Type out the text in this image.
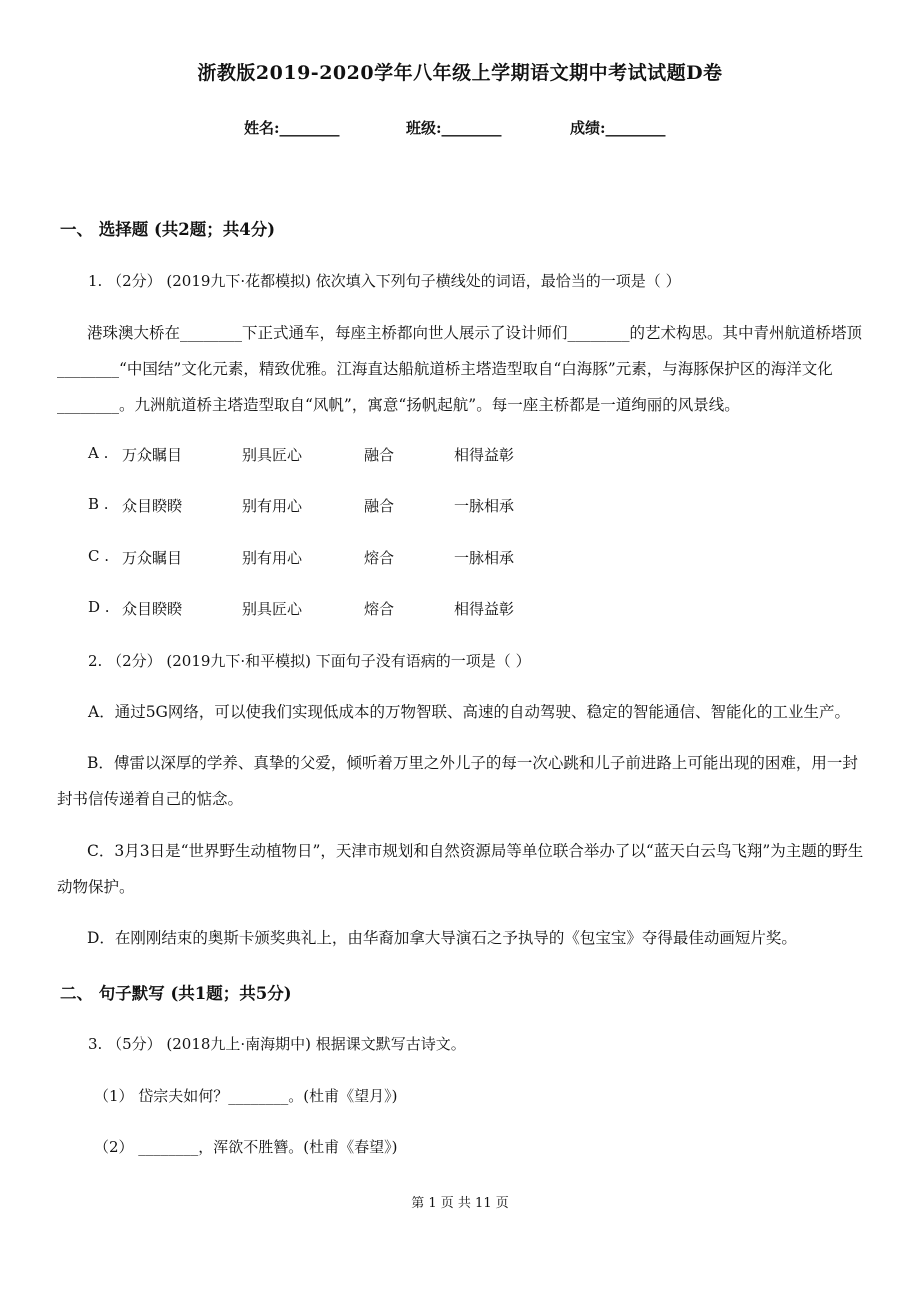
浙教版2019-2020学年八年级上学期语文期中考试试题D卷
姓名:________	班级:________	成绩:________
一、 选择题 (共2题；共4分)
1. （2分） (2019九下·花都模拟) 依次填入下列句子横线处的词语，最恰当的一项是（ ）
港珠澳大桥在________下正式通车，每座主桥都向世人展示了设计师们________的艺术构思。其中青州航道桥塔顶________“中国结”文化元素，精致优雅。江海直达船航道桥主塔造型取自“白海豚”元素，与海豚保护区的海洋文化________。九洲航道桥主塔造型取自“风帆”，寓意“扬帆起航”。每一座主桥都是一道绚丽的风景线。
A . 万众瞩目	别具匠心	融合	相得益彰
B . 众目睽睽	别有用心	融合	一脉相承
C . 万众瞩目	别有用心	熔合	一脉相承
D . 众目睽睽	别具匠心	熔合	相得益彰
2. （2分） (2019九下·和平模拟) 下面句子没有语病的一项是（ ）
A．通过5G网络，可以使我们实现低成本的万物智联、高速的自动驾驶、稳定的智能通信、智能化的工业生产。
B．傅雷以深厚的学养、真挚的父爱，倾听着万里之外儿子的每一次心跳和儿子前进路上可能出现的困难，用一封封书信传递着自己的惦念。
C．3月3日是“世界野生动植物日”，天津市规划和自然资源局等单位联合举办了以“蓝天白云鸟飞翔”为主题的野生动物保护。
D．在刚刚结束的奥斯卡颁奖典礼上，由华裔加拿大导演石之予执导的《包宝宝》夺得最佳动画短片奖。
二、 句子默写 (共1题；共5分)
3. （5分） (2018九上·南海期中) 根据课文默写古诗文。
（1） 岱宗夫如何？________。(杜甫《望月》)
（2） ________，浑欲不胜簪。(杜甫《春望》)
第 1 页 共 11 页
